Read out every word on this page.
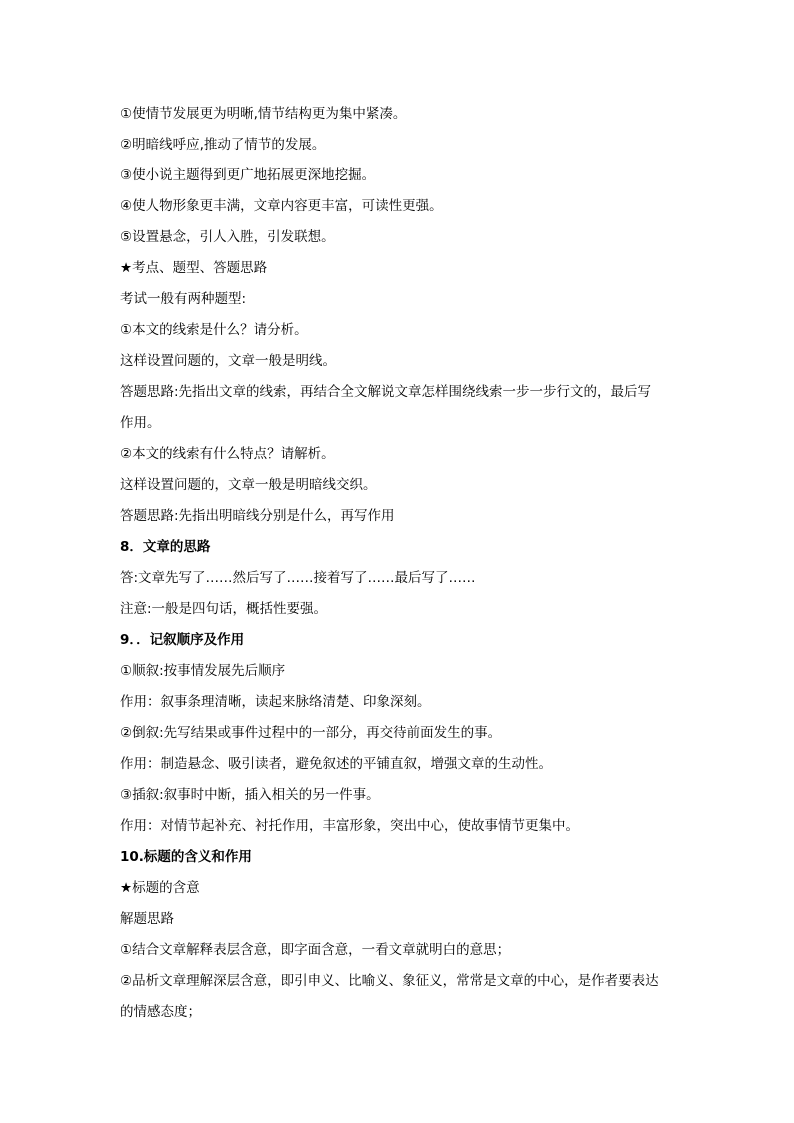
①使情节发展更为明晰,情节结构更为集中紧凑。
②明暗线呼应,推动了情节的发展。
③使小说主题得到更广地拓展更深地挖掘。
④使人物形象更丰满，文章内容更丰富，可读性更强。
⑤设置悬念，引人入胜，引发联想。
★考点、题型、答题思路
考试一般有两种题型:
①本文的线索是什么？请分析。
这样设置问题的，文章一般是明线。
答题思路:先指出文章的线索，再结合全文解说文章怎样围绕线索一步一步行文的，最后写
作用。
②本文的线索有什么特点？请解析。
这样设置问题的，文章一般是明暗线交织。
答题思路:先指出明暗线分别是什么，再写作用
8．文章的思路
答:文章先写了……然后写了……接着写了……最后写了……
注意:一般是四句话，概括性要强。
9．．记叙顺序及作用
①顺叙:按事情发展先后顺序
作用：叙事条理清晰，读起来脉络清楚、印象深刻。
②倒叙:先写结果或事件过程中的一部分，再交待前面发生的事。
作用：制造悬念、吸引读者，避免叙述的平铺直叙，增强文章的生动性。
③插叙:叙事时中断，插入相关的另一件事。
作用：对情节起补充、衬托作用，丰富形象，突出中心，使故事情节更集中。
10.标题的含义和作用
★标题的含意
解题思路
①结合文章解释表层含意，即字面含意，一看文章就明白的意思；
②品析文章理解深层含意，即引申义、比喻义、象征义，常常是文章的中心，是作者要表达
的情感态度；
